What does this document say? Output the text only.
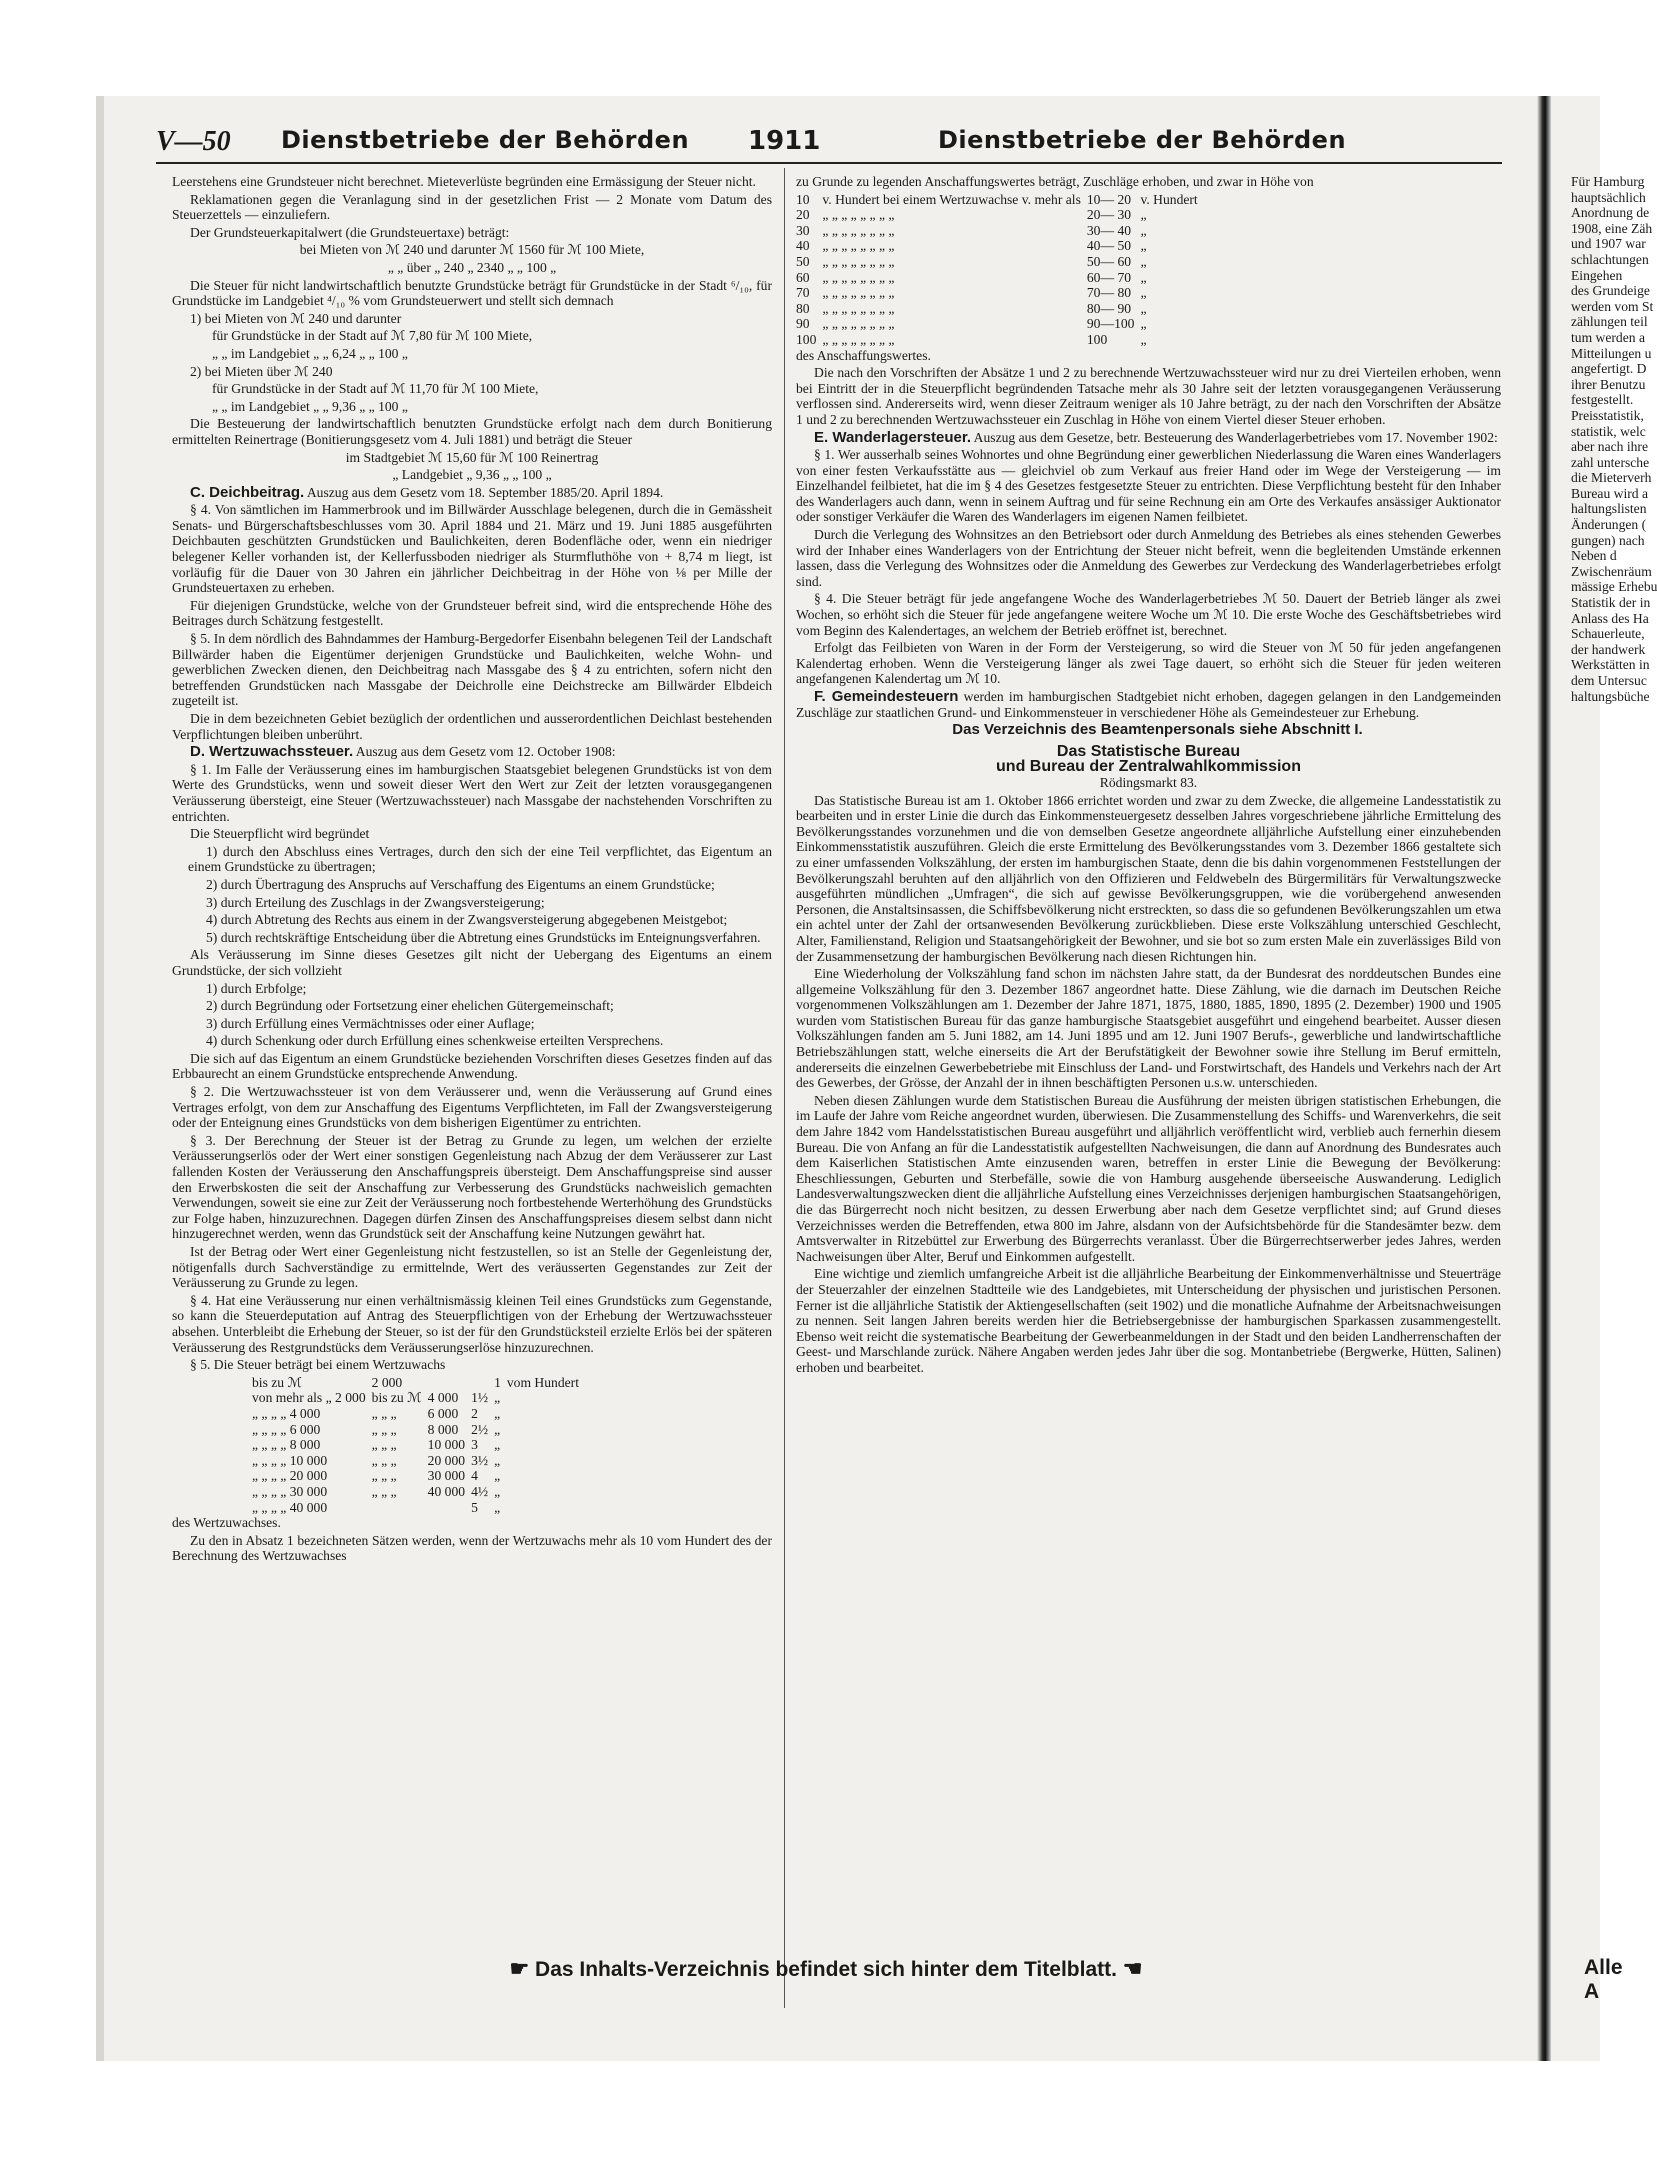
V—50 Dienstbetriebe der Behörden 1911	Dienstbetriebe der Behörden

Leerstehens eine Grundsteuer nicht berechnet. Mieteverlüste begründen eine Ermässigung der Steuer nicht.

Reklamationen gegen die Veranlagung sind in der gesetzlichen Frist — 2 Monate vom Datum des Steuerzettels — einzuliefern.

Der Grundsteuerkapitalwert (die Grundsteuertaxe) beträgt:

bei Mieten von ℳ 240 und darunter ℳ 1560 für ℳ 100 Miete,

„ „ über „ 240 „ 2340 „ „ 100 „

Die Steuer für nicht landwirtschaftlich benutzte Grundstücke beträgt für Grundstücke in der Stadt ⁶/₁₀, für Grundstücke im Landgebiet ⁴/₁₀ % vom Grundsteuerwert und stellt sich demnach

1) bei Mieten von ℳ 240 und darunter

für Grundstücke in der Stadt auf ℳ 7,80 für ℳ 100 Miete,

„ „ im Landgebiet „ „ 6,24 „ „ 100 „

2) bei Mieten über ℳ 240

für Grundstücke in der Stadt auf ℳ 11,70 für ℳ 100 Miete,

„ „ im Landgebiet „ „ 9,36 „ „ 100 „

Die Besteuerung der landwirtschaftlich benutzten Grundstücke erfolgt nach dem durch Bonitierung ermittelten Reinertrage (Bonitierungsgesetz vom 4. Juli 1881) und beträgt die Steuer

im Stadtgebiet ℳ 15,60 für ℳ 100 Reinertrag

„ Landgebiet „ 9,36 „ „ 100 „

C. Deichbeitrag. Auszug aus dem Gesetz vom 18. September 1885/20. April 1894.

§ 4. Von sämtlichen im Hammerbrook und im Billwärder Ausschlage belegenen, durch die in Gemässheit Senats- und Bürgerschaftsbeschlusses vom 30. April 1884 und 21. März und 19. Juni 1885 ausgeführten Deichbauten geschützten Grundstücken und Baulichkeiten, deren Bodenfläche oder, wenn ein niedriger belegener Keller vorhanden ist, der Kellerfussboden niedriger als Sturmfluthöhe von + 8,74 m liegt, ist vorläufig für die Dauer von 30 Jahren ein jährlicher Deichbeitrag in der Höhe von ⅛ per Mille der Grundsteuertaxen zu erheben.

Für diejenigen Grundstücke, welche von der Grundsteuer befreit sind, wird die entsprechende Höhe des Beitrages durch Schätzung festgestellt.

§ 5. In dem nördlich des Bahndammes der Hamburg-Bergedorfer Eisenbahn belegenen Teil der Landschaft Billwärder haben die Eigentümer derjenigen Grundstücke und Baulichkeiten, welche Wohn- und gewerblichen Zwecken dienen, den Deichbeitrag nach Massgabe des § 4 zu entrichten, sofern nicht den betreffenden Grundstücken nach Massgabe der Deichrolle eine Deichstrecke am Billwärder Elbdeich zugeteilt ist.

Die in dem bezeichneten Gebiet bezüglich der ordentlichen und ausserordentlichen Deichlast bestehenden Verpflichtungen bleiben unberührt.

D. Wertzuwachssteuer. Auszug aus dem Gesetz vom 12. October 1908:

§ 1. Im Falle der Veräusserung eines im hamburgischen Staatsgebiet belegenen Grundstücks ist von dem Werte des Grundstücks, wenn und soweit dieser Wert den Wert zur Zeit der letzten vorausgegangenen Veräusserung übersteigt, eine Steuer (Wertzuwachssteuer) nach Massgabe der nachstehenden Vorschriften zu entrichten.

Die Steuerpflicht wird begründet

1) durch den Abschluss eines Vertrages, durch den sich der eine Teil verpflichtet, das Eigentum an einem Grundstücke zu übertragen;

2) durch Übertragung des Anspruchs auf Verschaffung des Eigentums an einem Grundstücke;

3) durch Erteilung des Zuschlags in der Zwangsversteigerung;

4) durch Abtretung des Rechts aus einem in der Zwangsversteigerung abgegebenen Meistgebot;

5) durch rechtskräftige Entscheidung über die Abtretung eines Grundstücks im Enteignungsverfahren.

Als Veräusserung im Sinne dieses Gesetzes gilt nicht der Uebergang des Eigentums an einem Grundstücke, der sich vollzieht

1) durch Erbfolge;

2) durch Begründung oder Fortsetzung einer ehelichen Gütergemeinschaft;

3) durch Erfüllung eines Vermächtnisses oder einer Auflage;

4) durch Schenkung oder durch Erfüllung eines schenkweise erteilten Versprechens.

Die sich auf das Eigentum an einem Grundstücke beziehenden Vorschriften dieses Gesetzes finden auf das Erbbaurecht an einem Grundstücke entsprechende Anwendung.

§ 2. Die Wertzuwachssteuer ist von dem Veräusserer und, wenn die Veräusserung auf Grund eines Vertrages erfolgt, von dem zur Anschaffung des Eigentums Verpflichteten, im Fall der Zwangsversteigerung oder der Enteignung eines Grundstücks von dem bisherigen Eigentümer zu entrichten.

§ 3. Der Berechnung der Steuer ist der Betrag zu Grunde zu legen, um welchen der erzielte Veräusserungserlös oder der Wert einer sonstigen Gegenleistung nach Abzug der dem Veräusserer zur Last fallenden Kosten der Veräusserung den Anschaffungspreis übersteigt. Dem Anschaffungspreise sind ausser den Erwerbskosten die seit der Anschaffung zur Verbesserung des Grundstücks nachweislich gemachten Verwendungen, soweit sie eine zur Zeit der Veräusserung noch fortbestehende Werterhöhung des Grundstücks zur Folge haben, hinzuzurechnen. Dagegen dürfen Zinsen des Anschaffungspreises diesem selbst dann nicht hinzugerechnet werden, wenn das Grundstück seit der Anschaffung keine Nutzungen gewährt hat.

Ist der Betrag oder Wert einer Gegenleistung nicht festzustellen, so ist an Stelle der Gegenleistung der, nötigenfalls durch Sachverständige zu ermittelnde, Wert des veräusserten Gegenstandes zur Zeit der Veräusserung zu Grunde zu legen.

§ 4. Hat eine Veräusserung nur einen verhältnismässig kleinen Teil eines Grundstücks zum Gegenstande, so kann die Steuerdeputation auf Antrag des Steuerpflichtigen von der Erhebung der Wertzuwachssteuer absehen. Unterbleibt die Erhebung der Steuer, so ist der für den Grundstücksteil erzielte Erlös bei der späteren Veräusserung des Restgrundstücks dem Veräusserungserlöse hinzuzurechnen.

§ 5. Die Steuer beträgt bei einem Wertzuwachs

bis zu ℳ	2 000			1	vom Hundert
von mehr als „ 2 000	bis zu ℳ	4 000	1½	„	
„ „ „ „ 4 000	„ „ „	6 000	2	„	
„ „ „ „ 6 000	„ „ „	8 000	2½	„	
„ „ „ „ 8 000	„ „ „	10 000	3	„	
„ „ „ „ 10 000	„ „ „	20 000	3½	„	
„ „ „ „ 20 000	„ „ „	30 000	4	„	
„ „ „ „ 30 000	„ „ „	40 000	4½	„	
„ „ „ „ 40 000			5	„	

des Wertzuwachses.

Zu den in Absatz 1 bezeichneten Sätzen werden, wenn der Wertzuwachs mehr als 10 vom Hundert des der Berechnung des Wertzuwachses

zu Grunde zu legenden Anschaffungswertes beträgt, Zuschläge erhoben, und zwar in Höhe von

10	v. Hundert bei einem Wertzuwachse v. mehr als	10— 20	v. Hundert
20	„ „ „ „ „ „ „ „	20— 30	„
30	„ „ „ „ „ „ „ „	30— 40	„
40	„ „ „ „ „ „ „ „	40— 50	„
50	„ „ „ „ „ „ „ „	50— 60	„
60	„ „ „ „ „ „ „ „	60— 70	„
70	„ „ „ „ „ „ „ „	70— 80	„
80	„ „ „ „ „ „ „ „	80— 90	„
90	„ „ „ „ „ „ „ „	90—100	„
100	„ „ „ „ „ „ „ „	100	„

des Anschaffungswertes.

Die nach den Vorschriften der Absätze 1 und 2 zu berechnende Wertzuwachssteuer wird nur zu drei Vierteilen erhoben, wenn bei Eintritt der in die Steuerpflicht begründenden Tatsache mehr als 30 Jahre seit der letzten vorausgegangenen Veräusserung verflossen sind. Andererseits wird, wenn dieser Zeitraum weniger als 10 Jahre beträgt, zu der nach den Vorschriften der Absätze 1 und 2 zu berechnenden Wertzuwachssteuer ein Zuschlag in Höhe von einem Viertel dieser Steuer erhoben.

E. Wanderlagersteuer. Auszug aus dem Gesetze, betr. Besteuerung des Wanderlagerbetriebes vom 17. November 1902:

§ 1. Wer ausserhalb seines Wohnortes und ohne Begründung einer gewerblichen Niederlassung die Waren eines Wanderlagers von einer festen Verkaufsstätte aus — gleichviel ob zum Verkauf aus freier Hand oder im Wege der Versteigerung — im Einzelhandel feilbietet, hat die im § 4 des Gesetzes festgesetzte Steuer zu entrichten. Diese Verpflichtung besteht für den Inhaber des Wanderlagers auch dann, wenn in seinem Auftrag und für seine Rechnung ein am Orte des Verkaufes ansässiger Auktionator oder sonstiger Verkäufer die Waren des Wanderlagers im eigenen Namen feilbietet.

Durch die Verlegung des Wohnsitzes an den Betriebsort oder durch Anmeldung des Betriebes als eines stehenden Gewerbes wird der Inhaber eines Wanderlagers von der Entrichtung der Steuer nicht befreit, wenn die begleitenden Umstände erkennen lassen, dass die Verlegung des Wohnsitzes oder die Anmeldung des Gewerbes zur Verdeckung des Wanderlagerbetriebes erfolgt sind.

§ 4. Die Steuer beträgt für jede angefangene Woche des Wanderlagerbetriebes ℳ 50. Dauert der Betrieb länger als zwei Wochen, so erhöht sich die Steuer für jede angefangene weitere Woche um ℳ 10. Die erste Woche des Geschäftsbetriebes wird vom Beginn des Kalendertages, an welchem der Betrieb eröffnet ist, berechnet.

Erfolgt das Feilbieten von Waren in der Form der Versteigerung, so wird die Steuer von ℳ 50 für jeden angefangenen Kalendertag erhoben. Wenn die Versteigerung länger als zwei Tage dauert, so erhöht sich die Steuer für jeden weiteren angefangenen Kalendertag um ℳ 10.

F. Gemeindesteuern werden im hamburgischen Stadtgebiet nicht erhoben, dagegen gelangen in den Landgemeinden Zuschläge zur staatlichen Grund- und Einkommensteuer in verschiedener Höhe als Gemeindesteuer zur Erhebung.

Das Verzeichnis des Beamtenpersonals siehe Abschnitt I.

Das Statistische Bureau
und Bureau der Zentralwahlkommission

Rödingsmarkt 83.

Das Statistische Bureau ist am 1. Oktober 1866 errichtet worden und zwar zu dem Zwecke, die allgemeine Landesstatistik zu bearbeiten und in erster Linie die durch das Einkommensteuergesetz desselben Jahres vorgeschriebene jährliche Ermittelung des Bevölkerungsstandes vorzunehmen und die von demselben Gesetze angeordnete alljährliche Aufstellung einer einzuhebenden Einkommensstatistik auszuführen. Gleich die erste Ermittelung des Bevölkerungsstandes vom 3. Dezember 1866 gestaltete sich zu einer umfassenden Volkszählung, der ersten im hamburgischen Staate, denn die bis dahin vorgenommenen Feststellungen der Bevölkerungszahl beruhten auf den alljährlich von den Offizieren und Feldwebeln des Bürgermilitärs für Verwaltungszwecke ausgeführten mündlichen „Umfragen“, die sich auf gewisse Bevölkerungsgruppen, wie die vorübergehend anwesenden Personen, die Anstaltsinsassen, die Schiffsbevölkerung nicht erstreckten, so dass die so gefundenen Bevölkerungszahlen um etwa ein achtel unter der Zahl der ortsanwesenden Bevölkerung zurückblieben. Diese erste Volkszählung unterschied Geschlecht, Alter, Familienstand, Religion und Staatsangehörigkeit der Bewohner, und sie bot so zum ersten Male ein zuverlässiges Bild von der Zusammensetzung der hamburgischen Bevölkerung nach diesen Richtungen hin.

Eine Wiederholung der Volkszählung fand schon im nächsten Jahre statt, da der Bundesrat des norddeutschen Bundes eine allgemeine Volkszählung für den 3. Dezember 1867 angeordnet hatte. Diese Zählung, wie die darnach im Deutschen Reiche vorgenommenen Volkszählungen am 1. Dezember der Jahre 1871, 1875, 1880, 1885, 1890, 1895 (2. Dezember) 1900 und 1905 wurden vom Statistischen Bureau für das ganze hamburgische Staatsgebiet ausgeführt und eingehend bearbeitet. Ausser diesen Volkszählungen fanden am 5. Juni 1882, am 14. Juni 1895 und am 12. Juni 1907 Berufs-, gewerbliche und landwirtschaftliche Betriebszählungen statt, welche einerseits die Art der Berufstätigkeit der Bewohner sowie ihre Stellung im Beruf ermitteln, andererseits die einzelnen Gewerbebetriebe mit Einschluss der Land- und Forstwirtschaft, des Handels und Verkehrs nach der Art des Gewerbes, der Grösse, der Anzahl der in ihnen beschäftigten Personen u.s.w. unterschieden.

Neben diesen Zählungen wurde dem Statistischen Bureau die Ausführung der meisten übrigen statistischen Erhebungen, die im Laufe der Jahre vom Reiche angeordnet wurden, überwiesen. Die Zusammenstellung des Schiffs- und Warenverkehrs, die seit dem Jahre 1842 vom Handelsstatistischen Bureau ausgeführt und alljährlich veröffentlicht wird, verblieb auch fernerhin diesem Bureau. Die von Anfang an für die Landesstatistik aufgestellten Nachweisungen, die dann auf Anordnung des Bundesrates auch dem Kaiserlichen Statistischen Amte einzusenden waren, betreffen in erster Linie die Bewegung der Bevölkerung: Eheschliessungen, Geburten und Sterbefälle, sowie die von Hamburg ausgehende überseeische Auswanderung. Lediglich Landesverwaltungszwecken dient die alljährliche Aufstellung eines Verzeichnisses derjenigen hamburgischen Staatsangehörigen, die das Bürgerrecht noch nicht besitzen, zu dessen Erwerbung aber nach dem Gesetze verpflichtet sind; auf Grund dieses Verzeichnisses werden die Betreffenden, etwa 800 im Jahre, alsdann von der Aufsichtsbehörde für die Standesämter bezw. dem Amtsverwalter in Ritzebüttel zur Erwerbung des Bürgerrechts veranlasst. Über die Bürgerrechtserwerber jedes Jahres, werden Nachweisungen über Alter, Beruf und Einkommen aufgestellt.

Eine wichtige und ziemlich umfangreiche Arbeit ist die alljährliche Bearbeitung der Einkommenverhältnisse und Steuerträge der Steuerzahler der einzelnen Stadtteile wie des Landgebietes, mit Unterscheidung der physischen und juristischen Personen. Ferner ist die alljährliche Statistik der Aktiengesellschaften (seit 1902) und die monatliche Aufnahme der Arbeitsnachweisungen zu nennen. Seit langen Jahren bereits werden hier die Betriebsergebnisse der hamburgischen Sparkassen zusammengestellt. Ebenso weit reicht die systematische Bearbeitung der Gewerbeanmeldungen in der Stadt und den beiden Landherrenschaften der Geest- und Marschlande zurück. Nähere Angaben werden jedes Jahr über die sog. Montanbetriebe (Bergwerke, Hütten, Salinen) erhoben und bearbeitet.

☛ Das Inhalts-Verzeichnis befindet sich hinter dem Titelblatt. ☚
Für Hamburg
hauptsächlich
Anordnung de
1908, eine Zäh
und 1907 war
schlachtungen
Eingehen
des Grundeige
werden vom St
zählungen teil
tum werden a
Mitteilungen u
angefertigt. D
ihrer Benutzu
festgestellt.
Preisstatistik,
statistik, welc
aber nach ihre
zahl untersche
die Mieterverh
Bureau wird a
haltungslisten
Änderungen (
gungen) nach
Neben d
Zwischenräum
mässige Erhebu
Statistik der in
Anlass des Ha
Schauerleute,
der handwerk
Werkstätten in
dem Untersuc
haltungsbüche
Alle A
